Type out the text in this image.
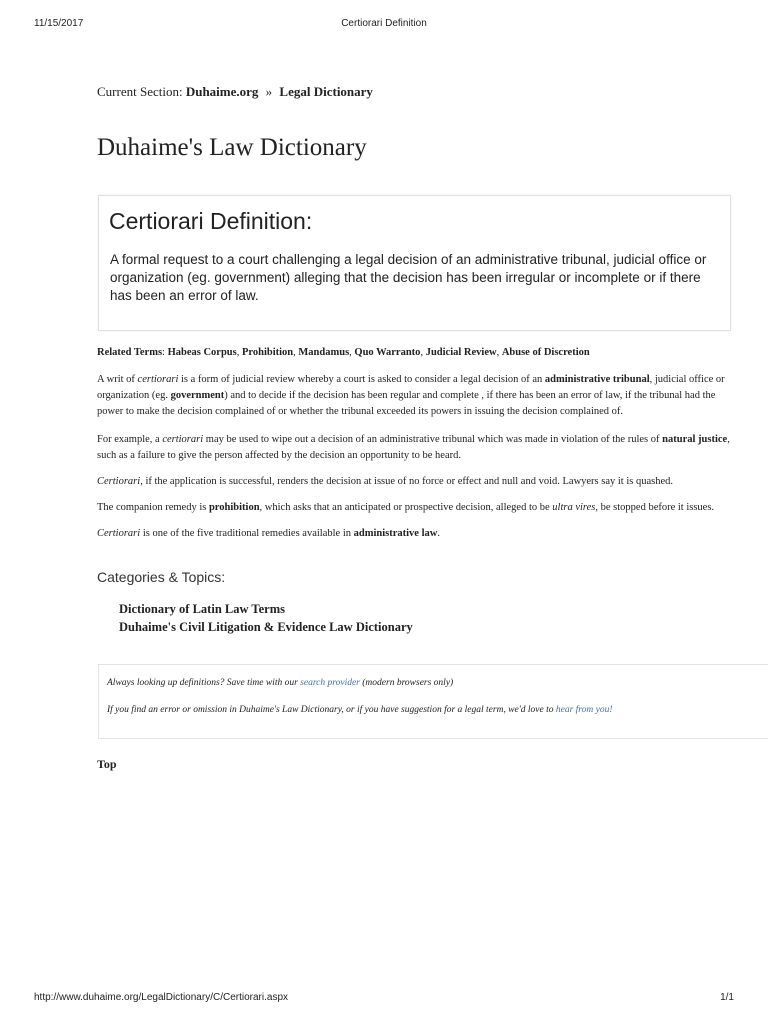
11/15/2017	Certiorari Definition
Current Section: Duhaime.org » Legal Dictionary
Duhaime's Law Dictionary
Certiorari Definition:
A formal request to a court challenging a legal decision of an administrative tribunal, judicial office or organization (eg. government) alleging that the decision has been irregular or incomplete or if there has been an error of law.
Related Terms: Habeas Corpus, Prohibition, Mandamus, Quo Warranto, Judicial Review, Abuse of Discretion
A writ of certiorari is a form of judicial review whereby a court is asked to consider a legal decision of an administrative tribunal, judicial office or organization (eg. government) and to decide if the decision has been regular and complete , if there has been an error of law, if the tribunal had the power to make the decision complained of or whether the tribunal exceeded its powers in issuing the decision complained of.
For example, a certiorari may be used to wipe out a decision of an administrative tribunal which was made in violation of the rules of natural justice, such as a failure to give the person affected by the decision an opportunity to be heard.
Certiorari, if the application is successful, renders the decision at issue of no force or effect and null and void. Lawyers say it is quashed.
The companion remedy is prohibition, which asks that an anticipated or prospective decision, alleged to be ultra vires, be stopped before it issues.
Certiorari is one of the five traditional remedies available in administrative law.
Categories & Topics:
Dictionary of Latin Law Terms
Duhaime's Civil Litigation & Evidence Law Dictionary
Always looking up definitions? Save time with our search provider (modern browsers only)
If you find an error or omission in Duhaime's Law Dictionary, or if you have suggestion for a legal term, we'd love to hear from you!
Top
http://www.duhaime.org/LegalDictionary/C/Certiorari.aspx	1/1
